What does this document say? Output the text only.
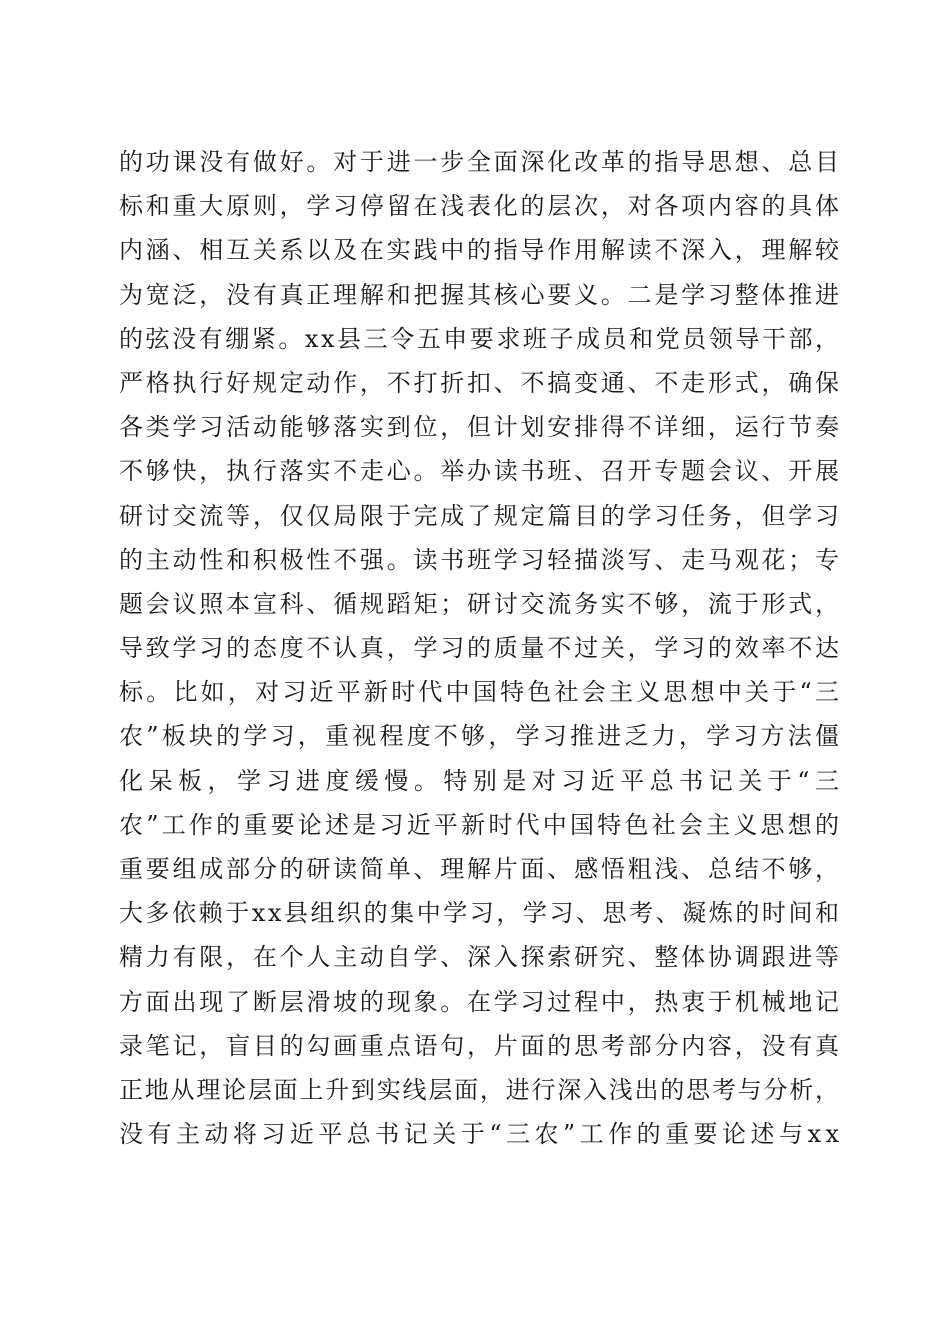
的功课没有做好。对于进一步全面深化改革的指导思想、总目
标和重大原则，学习停留在浅表化的层次，对各项内容的具体
内涵、相互关系以及在实践中的指导作用解读不深入，理解较
为宽泛，没有真正理解和把握其核心要义。二是学习整体推进
的弦没有绷紧。xx县三令五申要求班子成员和党员领导干部，
严格执行好规定动作，不打折扣、不搞变通、不走形式，确保
各类学习活动能够落实到位，但计划安排得不详细，运行节奏
不够快，执行落实不走心。举办读书班、召开专题会议、开展
研讨交流等，仅仅局限于完成了规定篇目的学习任务，但学习
的主动性和积极性不强。读书班学习轻描淡写、走马观花；专
题会议照本宣科、循规蹈矩；研讨交流务实不够，流于形式，
导致学习的态度不认真，学习的质量不过关，学习的效率不达
标。比如，对习近平新时代中国特色社会主义思想中关于“三
农”板块的学习，重视程度不够，学习推进乏力，学习方法僵
化呆板，学习进度缓慢。特别是对习近平总书记关于“三
农”工作的重要论述是习近平新时代中国特色社会主义思想的
重要组成部分的研读简单、理解片面、感悟粗浅、总结不够，
大多依赖于xx县组织的集中学习，学习、思考、凝炼的时间和
精力有限，在个人主动自学、深入探索研究、整体协调跟进等
方面出现了断层滑坡的现象。在学习过程中，热衷于机械地记
录笔记，盲目的勾画重点语句，片面的思考部分内容，没有真
正地从理论层面上升到实线层面，进行深入浅出的思考与分析，
没有主动将习近平总书记关于“三农”工作的重要论述与xx
